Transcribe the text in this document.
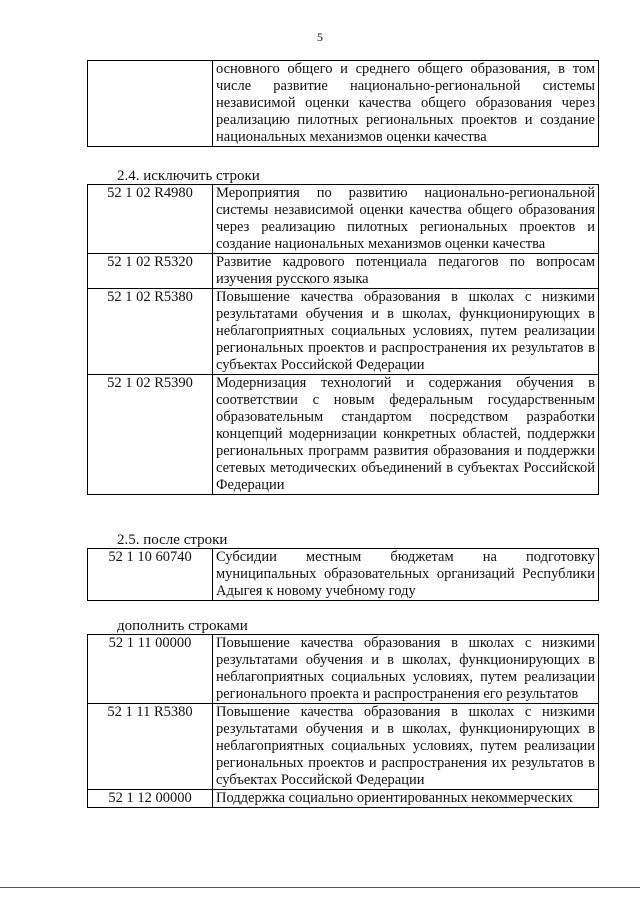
5
	основного общего и среднего общего образования, в том числе развитие национально-региональной системы независимой оценки качества общего образования через реализацию пилотных региональных проектов и создание национальных механизмов оценки качества
2.4. исключить строки
52 1 02 R4980	Мероприятия по развитию национально-региональной системы независимой оценки качества общего образования через реализацию пилотных региональных проектов и создание национальных механизмов оценки качества
52 1 02 R5320	Развитие кадрового потенциала педагогов по вопросам изучения русского языка
52 1 02 R5380	Повышение качества образования в школах с низкими результатами обучения и в школах, функционирующих в неблагоприятных социальных условиях, путем реализации региональных проектов и распространения их результатов в субъектах Российской Федерации
52 1 02 R5390	Модернизация технологий и содержания обучения в соответствии с новым федеральным государственным образовательным стандартом посредством разработки концепций модернизации конкретных областей, поддержки региональных программ развития образования и поддержки сетевых методических объединений в субъектах Российской Федерации
2.5. после строки
52 1 10 60740	Субсидии местным бюджетам на подготовку муниципальных образовательных организаций Республики Адыгея к новому учебному году
дополнить строками
52 1 11 00000	Повышение качества образования в школах с низкими результатами обучения и в школах, функционирующих в неблагоприятных социальных условиях, путем реализации регионального проекта и распространения его результатов
52 1 11 R5380	Повышение качества образования в школах с низкими результатами обучения и в школах, функционирующих в неблагоприятных социальных условиях, путем реализации региональных проектов и распространения их результатов в субъектах Российской Федерации
52 1 12 00000	Поддержка социально ориентированных некоммерческих
